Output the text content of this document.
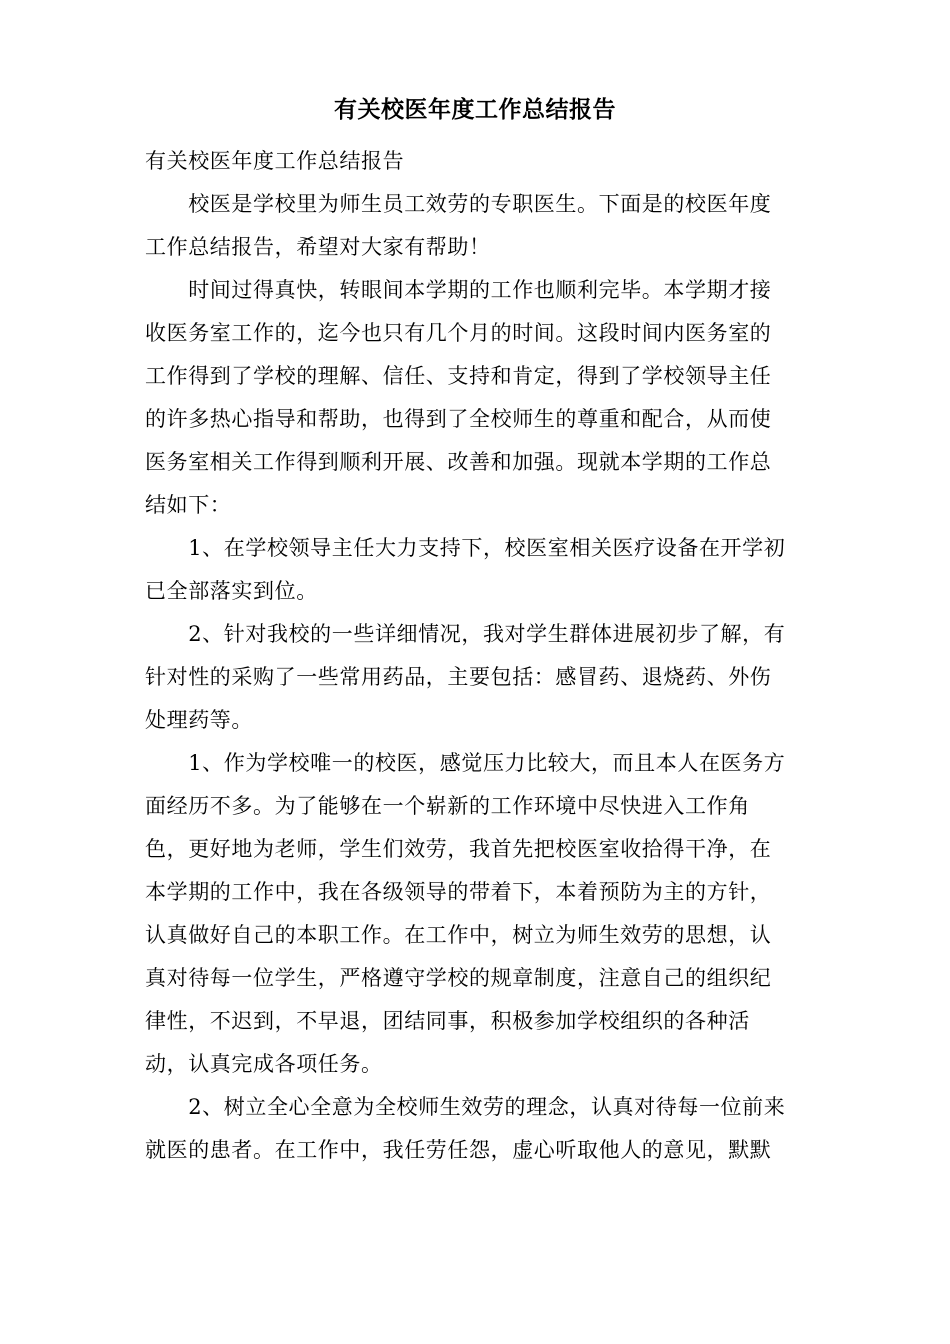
有关校医年度工作总结报告

有关校医年度工作总结报告

　　校医是学校里为师生员工效劳的专职医生。下面是的校医年度

工作总结报告，希望对大家有帮助！

　　时间过得真快，转眼间本学期的工作也顺利完毕。本学期才接

收医务室工作的，迄今也只有几个月的时间。这段时间内医务室的

工作得到了学校的理解、信任、支持和肯定，得到了学校领导主任

的许多热心指导和帮助，也得到了全校师生的尊重和配合，从而使

医务室相关工作得到顺利开展、改善和加强。现就本学期的工作总

结如下：

　　1、在学校领导主任大力支持下，校医室相关医疗设备在开学初

已全部落实到位。

　　2、针对我校的一些详细情况，我对学生群体进展初步了解，有

针对性的采购了一些常用药品，主要包括：感冒药、退烧药、外伤

处理药等。

　　1、作为学校唯一的校医，感觉压力比较大，而且本人在医务方

面经历不多。为了能够在一个崭新的工作环境中尽快进入工作角

色，更好地为老师，学生们效劳，我首先把校医室收拾得干净，在

本学期的工作中，我在各级领导的带着下，本着预防为主的方针，

认真做好自己的本职工作。在工作中，树立为师生效劳的思想，认

真对待每一位学生，严格遵守学校的规章制度，注意自己的组织纪

律性，不迟到，不早退，团结同事，积极参加学校组织的各种活

动，认真完成各项任务。

　　2、树立全心全意为全校师生效劳的理念，认真对待每一位前来

就医的患者。在工作中，我任劳任怨，虚心听取他人的意见，默默
